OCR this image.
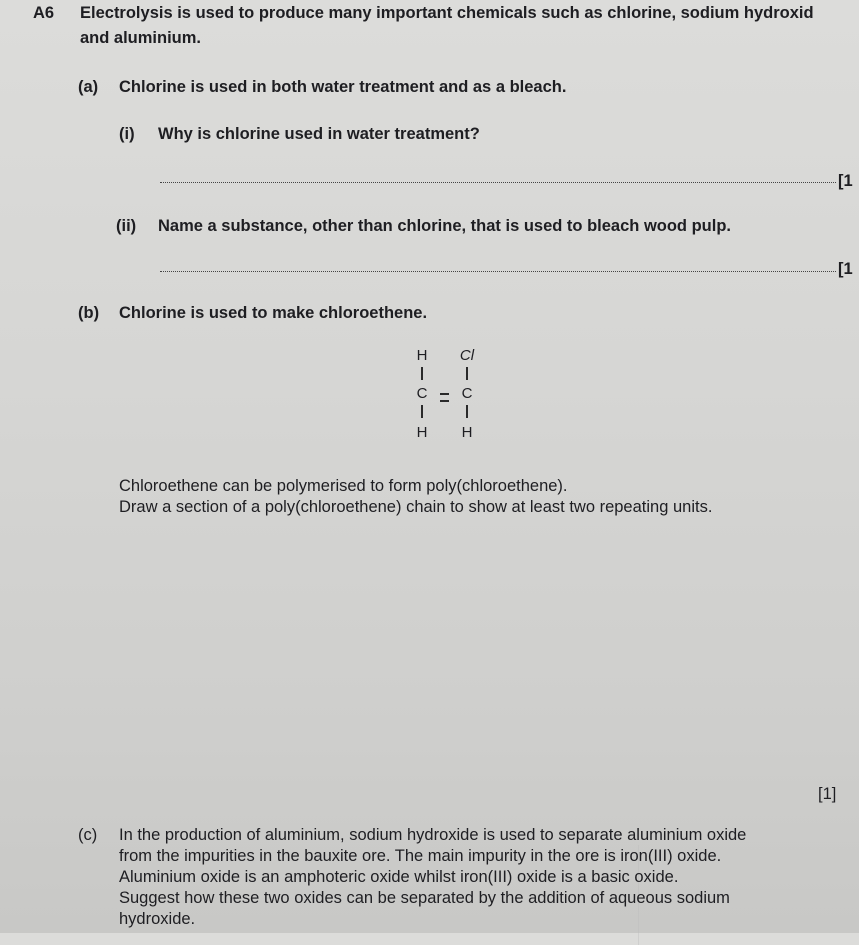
A6 Electrolysis is used to produce many important chemicals such as chlorine, sodium hydroxid
and aluminium.
(a) Chlorine is used in both water treatment and as a bleach.
(i) Why is chlorine used in water treatment?
[1
(ii) Name a substance, other than chlorine, that is used to bleach wood pulp.
[1
(b) Chlorine is used to make chloroethene.
H Cl
C C
H H
Chloroethene can be polymerised to form poly(chloroethene).
Draw a section of a poly(chloroethene) chain to show at least two repeating units.
[1]
(c) In the production of aluminium, sodium hydroxide is used to separate aluminium oxide
from the impurities in the bauxite ore. The main impurity in the ore is iron(III) oxide.
Aluminium oxide is an amphoteric oxide whilst iron(III) oxide is a basic oxide.
Suggest how these two oxides can be separated by the addition of aqueous sodium
hydroxide.
